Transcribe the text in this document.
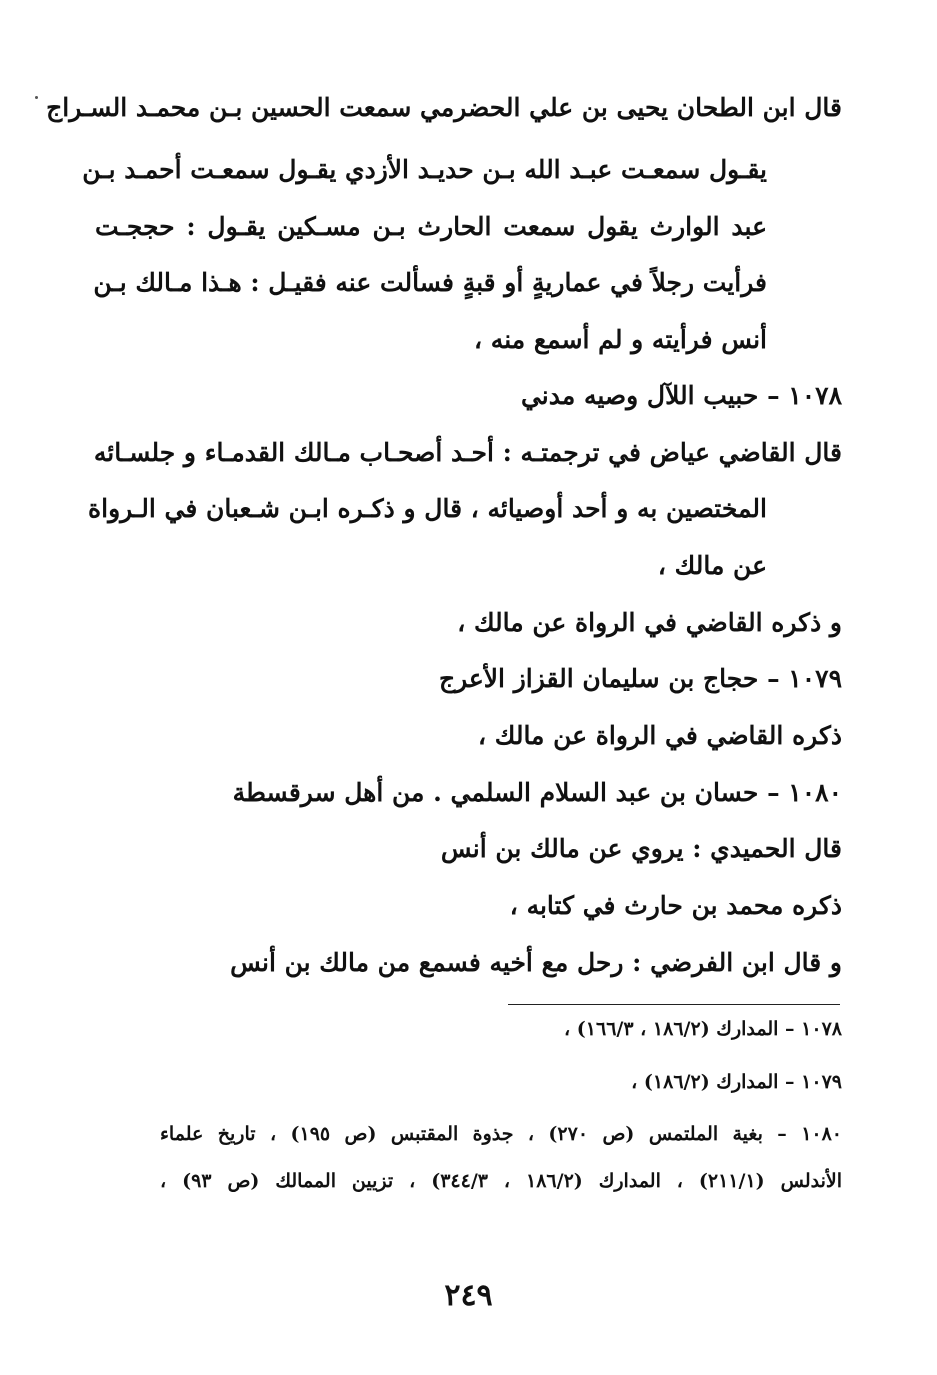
قال ابن الطحان يحيى بن علي الحضرمي سمعت الحسين بـن محمـد السـراج
يقـول سمعـت عبـد الله بـن حديـد الأزدي يقـول سمعـت أحمـد بـن
عبد الوارث يقول سمعت الحارث بـن مسـكين يقـول : حججـت
فرأيت رجلاً في عماريةٍ أو قبةٍ فسألت عنه فقيـل : هـذا مـالك بـن
أنس فرأيته و لم أسمع منه ،
١٠٧٨ – حبيب اللآل وصيه مدني
قال القاضي عياض في ترجمتـه : أحـد أصحـاب مـالك القدمـاء و جلسـائه
المختصين به و أحد أوصيائه ، قال و ذكـره ابـن شـعبان في الـرواة
عن مالك ،
و ذكره القاضي في الرواة عن مالك ،
١٠٧٩ – حجاج بن سليمان القزاز الأعرج
ذكره القاضي في الرواة عن مالك ،
١٠٨٠ – حسان بن عبد السلام السلمي . من أهل سرقسطة
قال الحميدي : يروي عن مالك بن أنس
ذكره محمد بن حارث في كتابه ،
و قال ابن الفرضي : رحل مع أخيه فسمع من مالك بن أنس
١٠٧٨ – المدارك (١٨٦/٢ ، ١٦٦/٣) ،
١٠٧٩ – المدارك (١٨٦/٢) ،
١٠٨٠ – بغية الملتمس (ص ٢٧٠) ، جذوة المقتبس (ص ١٩٥) ، تاريخ علماء
الأندلس (٢١١/١) ، المدارك (١٨٦/٢ ، ٣٤٤/٣) ، تزيين الممالك (ص ٩٣) ،
٢٤٩
